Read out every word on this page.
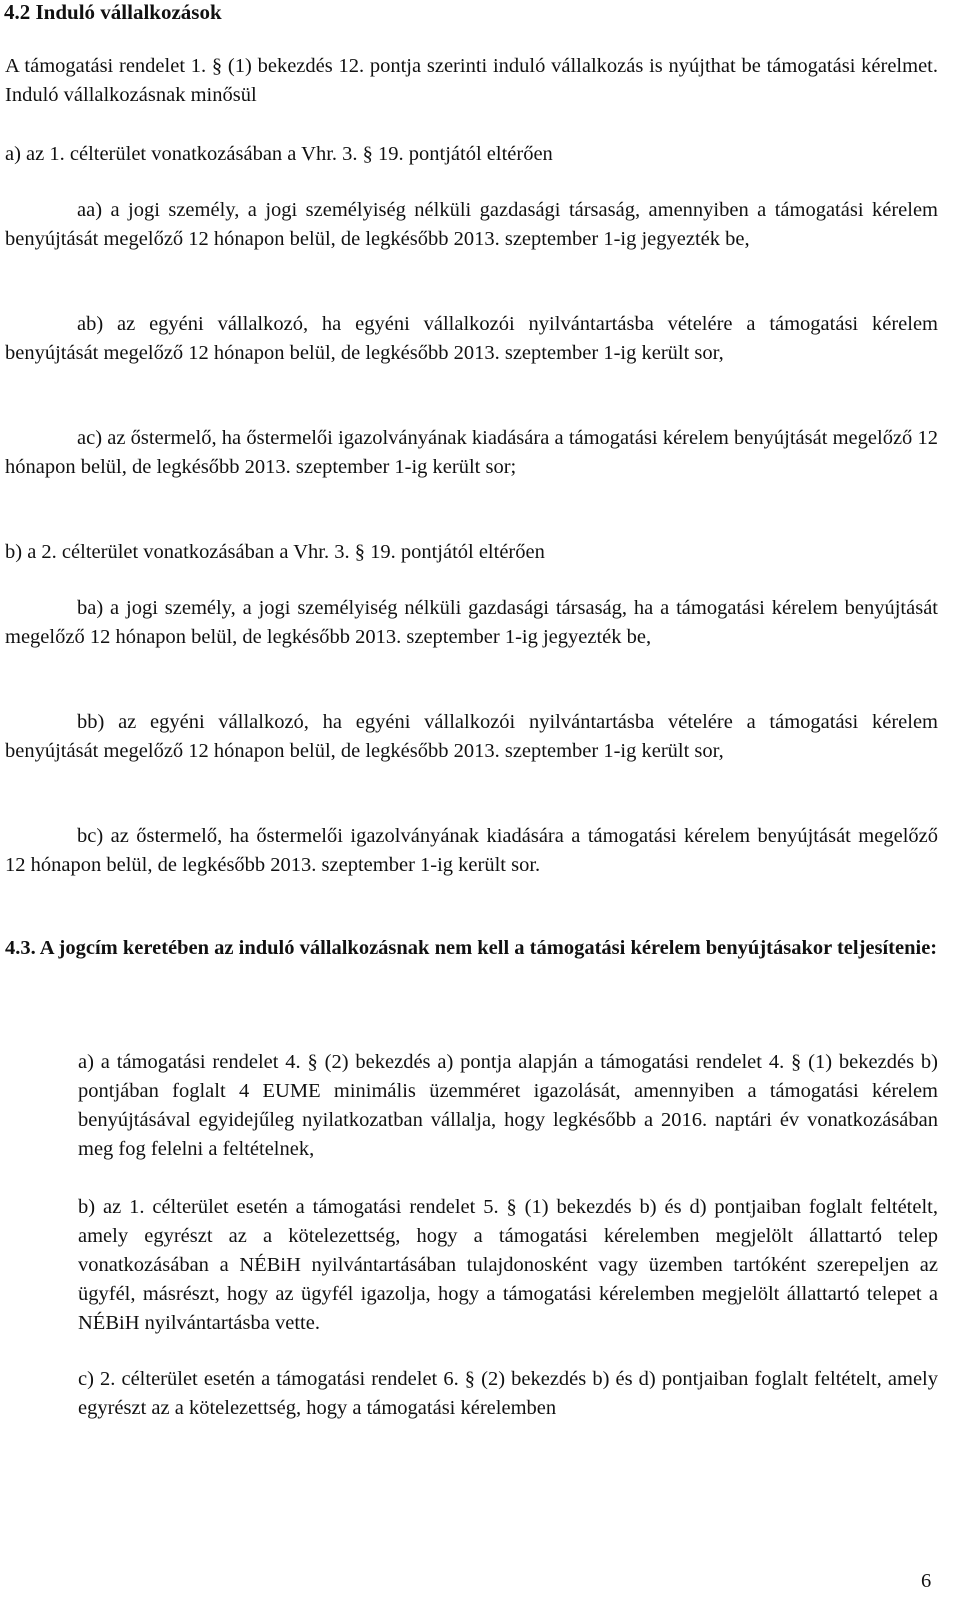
4.2 Induló vállalkozások

A támogatási rendelet 1. § (1) bekezdés 12. pontja szerinti induló vállalkozás is nyújthat be támogatási kérelmet. Induló vállalkozásnak minősül

a) az 1. célterület vonatkozásában a Vhr. 3. § 19. pontjától eltérően

aa) a jogi személy, a jogi személyiség nélküli gazdasági társaság, amennyiben a támogatási kérelem benyújtását megelőző 12 hónapon belül, de legkésőbb 2013. szeptember 1-ig jegyezték be,

ab) az egyéni vállalkozó, ha egyéni vállalkozói nyilvántartásba vételére a támogatási kérelem benyújtását megelőző 12 hónapon belül, de legkésőbb 2013. szeptember 1-ig került sor,

ac) az őstermelő, ha őstermelői igazolványának kiadására a támogatási kérelem benyújtását megelőző 12 hónapon belül, de legkésőbb 2013. szeptember 1-ig került sor;

b) a 2. célterület vonatkozásában a Vhr. 3. § 19. pontjától eltérően

ba) a jogi személy, a jogi személyiség nélküli gazdasági társaság, ha a támogatási kérelem benyújtását megelőző 12 hónapon belül, de legkésőbb 2013. szeptember 1-ig jegyezték be,

bb) az egyéni vállalkozó, ha egyéni vállalkozói nyilvántartásba vételére a támogatási kérelem benyújtását megelőző 12 hónapon belül, de legkésőbb 2013. szeptember 1-ig került sor,

bc) az őstermelő, ha őstermelői igazolványának kiadására a támogatási kérelem benyújtását megelőző 12 hónapon belül, de legkésőbb 2013. szeptember 1-ig került sor.

4.3. A jogcím keretében az induló vállalkozásnak nem kell a támogatási kérelem benyújtásakor teljesítenie:

a) a támogatási rendelet 4. § (2) bekezdés a) pontja alapján a támogatási rendelet 4. § (1) bekezdés b) pontjában foglalt 4 EUME minimális üzemméret igazolását, amennyiben a támogatási kérelem benyújtásával egyidejűleg nyilatkozatban vállalja, hogy legkésőbb a 2016. naptári év vonatkozásában meg fog felelni a feltételnek,

b) az 1. célterület esetén a támogatási rendelet 5. § (1) bekezdés b) és d) pontjaiban foglalt feltételt, amely egyrészt az a kötelezettség, hogy a támogatási kérelemben megjelölt állattartó telep vonatkozásában a NÉBiH nyilvántartásában tulajdonosként vagy üzemben tartóként szerepeljen az ügyfél, másrészt, hogy az ügyfél igazolja, hogy a támogatási kérelemben megjelölt állattartó telepet a NÉBiH nyilvántartásba vette.

c) 2. célterület esetén a támogatási rendelet 6. § (2) bekezdés b) és d) pontjaiban foglalt feltételt, amely egyrészt az a kötelezettség, hogy a támogatási kérelemben

6
